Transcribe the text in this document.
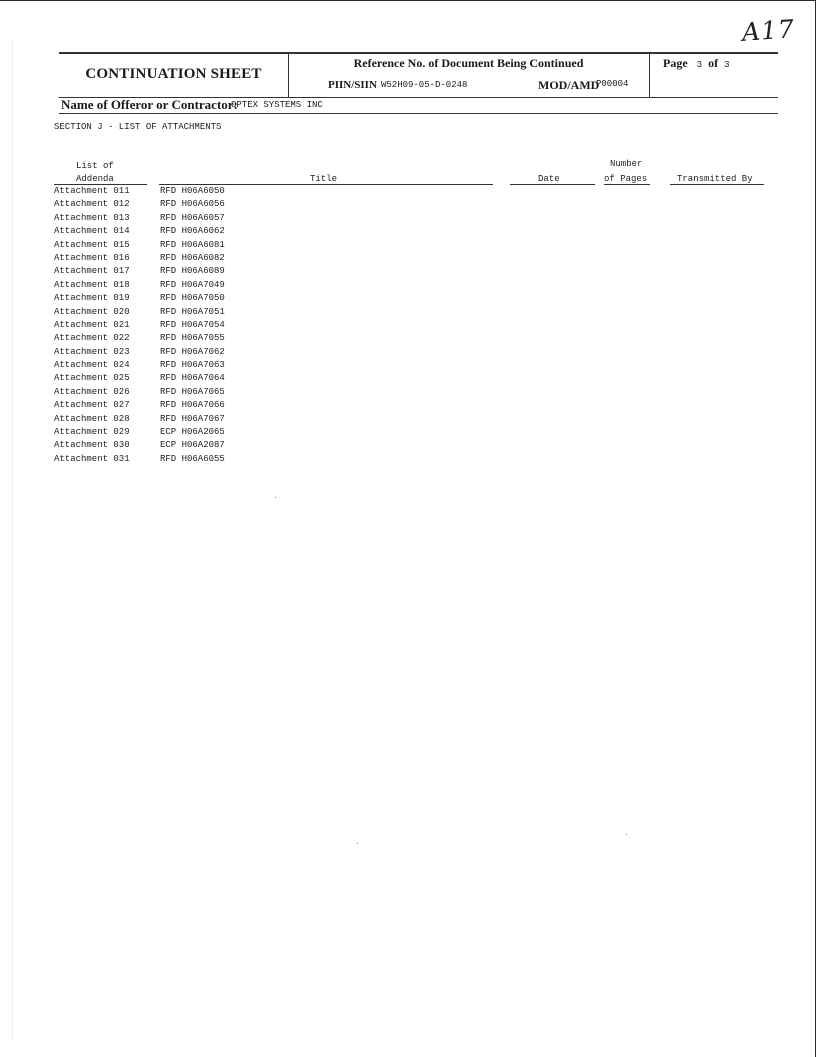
A17
CONTINUATION SHEET
Reference No. of Document Being Continued
PIIN/SIIN W52H09-05-D-0248	MOD/AMD
P00004
Page 3 of 3
Name of Offeror or Contractor:
OPTEX SYSTEMS INC
SECTION J - LIST OF ATTACHMENTS
List of
Addenda	Title	Date
Number
of Pages	Transmitted By
Attachment 011	RFD H06A6050
Attachment 012	RFD H06A6056
Attachment 013	RFD H06A6057
Attachment 014	RFD H06A6062
Attachment 015	RFD H06A6081
Attachment 016	RFD H06A6082
Attachment 017	RFD H06A6089
Attachment 018	RFD H06A7049
Attachment 019	RFD H06A7050
Attachment 020	RFD H06A7051
Attachment 021	RFD H06A7054
Attachment 022	RFD H06A7055
Attachment 023	RFD H06A7062
Attachment 024	RFD H06A7063
Attachment 025	RFD H06A7064
Attachment 026	RFD H06A7065
Attachment 027	RFD H06A7066
Attachment 028	RFD H06A7067
Attachment 029	ECP H06A2065
Attachment 030	ECP H06A2087
Attachment 031	RFD H06A6055
